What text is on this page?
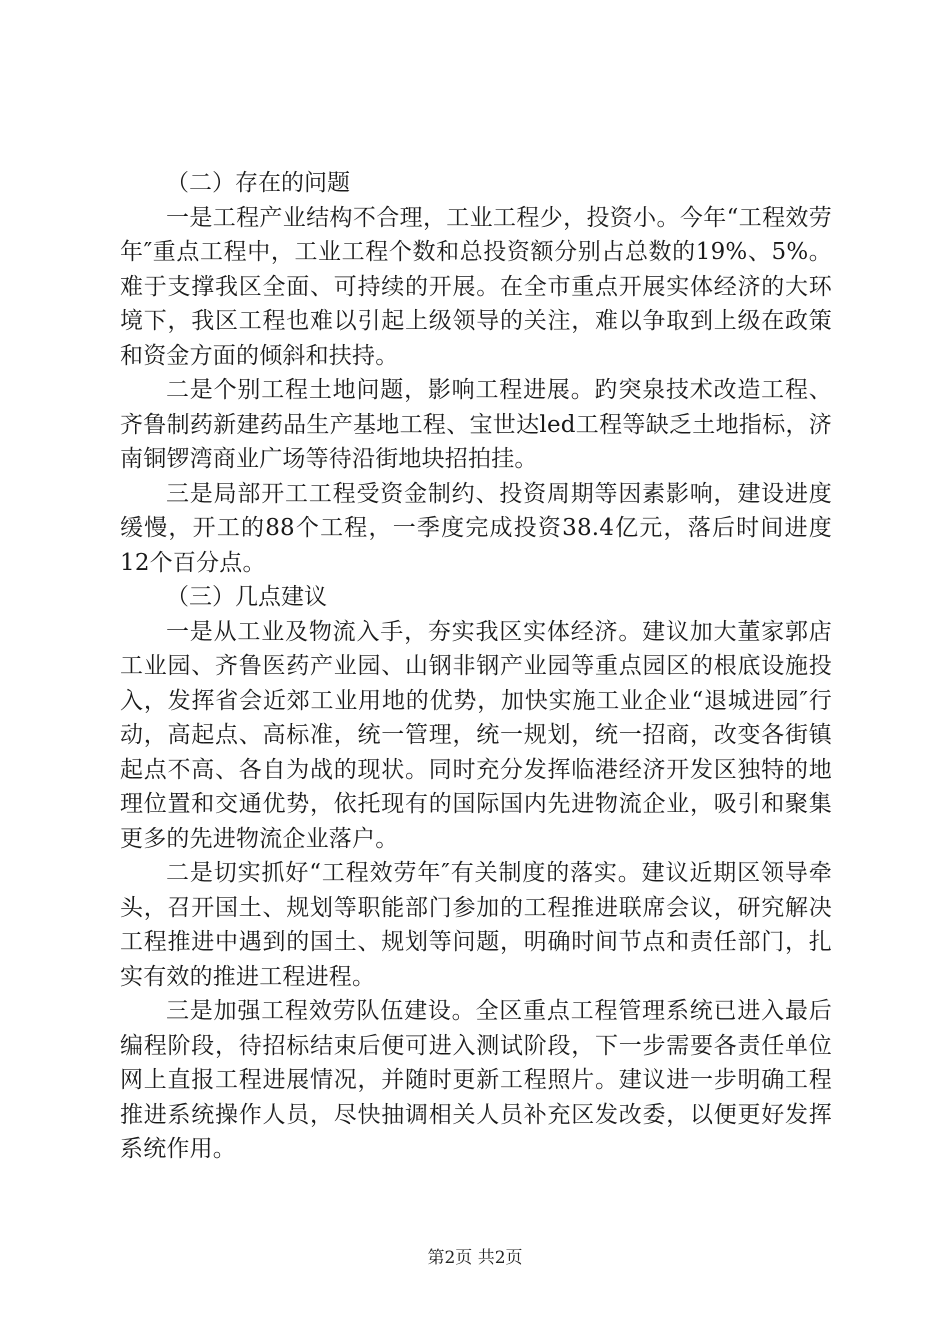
（二）存在的问题

一是工程产业结构不合理，工业工程少，投资小。今年“工程效劳年″重点工程中，工业工程个数和总投资额分别占总数的19%、5%。难于支撑我区全面、可持续的开展。在全市重点开展实体经济的大环境下，我区工程也难以引起上级领导的关注，难以争取到上级在政策和资金方面的倾斜和扶持。

二是个别工程土地问题，影响工程进展。趵突泉技术改造工程、齐鲁制药新建药品生产基地工程、宝世达led工程等缺乏土地指标，济南铜锣湾商业广场等待沿街地块招拍挂。

三是局部开工工程受资金制约、投资周期等因素影响，建设进度缓慢，开工的88个工程，一季度完成投资38.4亿元，落后时间进度12个百分点。

（三）几点建议

一是从工业及物流入手，夯实我区实体经济。建议加大董家郭店工业园、齐鲁医药产业园、山钢非钢产业园等重点园区的根底设施投入，发挥省会近郊工业用地的优势，加快实施工业企业“退城进园″行动，高起点、高标准，统一管理，统一规划，统一招商，改变各街镇起点不高、各自为战的现状。同时充分发挥临港经济开发区独特的地理位置和交通优势，依托现有的国际国内先进物流企业，吸引和聚集更多的先进物流企业落户。

二是切实抓好“工程效劳年″有关制度的落实。建议近期区领导牵头，召开国土、规划等职能部门参加的工程推进联席会议，研究解决工程推进中遇到的国土、规划等问题，明确时间节点和责任部门，扎实有效的推进工程进程。

三是加强工程效劳队伍建设。全区重点工程管理系统已进入最后编程阶段，待招标结束后便可进入测试阶段，下一步需要各责任单位网上直报工程进展情况，并随时更新工程照片。建议进一步明确工程推进系统操作人员，尽快抽调相关人员补充区发改委，以便更好发挥系统作用。

第2页 共2页
